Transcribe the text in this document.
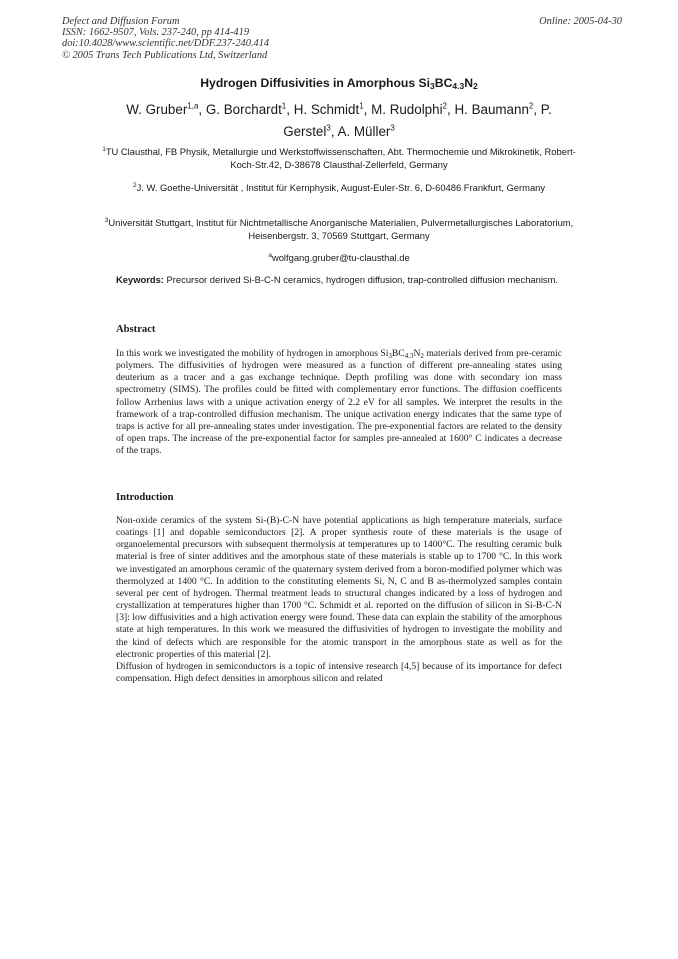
Defect and Diffusion Forum
ISSN: 1662-9507, Vols. 237-240, pp 414-419
doi:10.4028/www.scientific.net/DDF.237-240.414
© 2005 Trans Tech Publications Ltd, Switzerland
Online: 2005-04-30
Hydrogen Diffusivities in Amorphous $Si_3BC_{4.3}N_2$
W. Gruber$^{1,a}$, G. Borchardt$^1$, H. Schmidt$^1$, M. Rudolphi$^2$, H. Baumann$^2$, P. Gerstel$^3$, A. Müller$^3$
$^1$TU Clausthal, FB Physik, Metallurgie und Werkstoffwissenschaften, Abt. Thermochemie und Mikrokinetik, Robert-Koch-Str.42, D-38678 Clausthal-Zellerfeld, Germany
$^2$J. W. Goethe-Universität , Institut für Kernphysik, August-Euler-Str. 6, D-60486 Frankfurt, Germany
$^3$Universität Stuttgart, Institut für Nichtmetallische Anorganische Materialien, Pulvermetallurgisches Laboratorium, Heisenbergstr. 3, 70569 Stuttgart, Germany
$^a$wolfgang.gruber@tu-clausthal.de
Keywords: Precursor derived Si-B-C-N ceramics, hydrogen diffusion, trap-controlled diffusion mechanism.
Abstract
In this work we investigated the mobility of hydrogen in amorphous $Si_3BC_{4.3}N_2$ materials derived from pre-ceramic polymers. The diffusivities of hydrogen were measured as a function of different pre-annealing states using deuterium as a tracer and a gas exchange technique. Depth profiling was done with secondary ion mass spectrometry (SIMS). The profiles could be fitted with complementary error functions. The diffusion coefficents follow Arrhenius laws with a unique activation energy of 2.2 eV for all samples. We interpret the results in the framework of a trap-controlled diffusion mechanism. The unique activation energy indicates that the same type of traps is active for all pre-annealing states under investigation. The pre-exponential factors are related to the density of open traps. The increase of the pre-exponential factor for samples pre-annealed at 1600° C indicates a decrease of the traps.
Introduction

Non-oxide ceramics of the system Si-(B)-C-N have potential applications as high temperature materials, surface coatings [1] and dopable semiconductors [2]. A proper synthesis route of these materials is the usage of organoelemental precursors with subsequent thermolysis at temperatures up to 1400°C. The resulting ceramic bulk material is free of sinter additives and the amorphous state of these materials is stable up to 1700 °C. In this work we investigated an amorphous ceramic of the quaternary system derived from a boron-modified polymer which was thermolyzed at 1400 °C. In addition to the constituting elements Si, N, C and B as-thermolyzed samples contain several per cent of hydrogen. Thermal treatment leads to structural changes indicated by a loss of hydrogen and crystallization at temperatures higher than 1700 °C. Schmidt et al. reported on the diffusion of silicon in Si-B-C-N [3]: low diffusivities and a high activation energy were found. These data can explain the stability of the amorphous state at high temperatures. In this work we measured the diffusivities of hydrogen to investigate the mobility and the kind of defects which are responsible for the atomic transport in the amorphous state as well as for the electronic properties of this material [2].

Diffusion of hydrogen in semiconductors is a topic of intensive research [4,5] because of its importance for defect compensation. High defect densities in amorphous silicon and related
